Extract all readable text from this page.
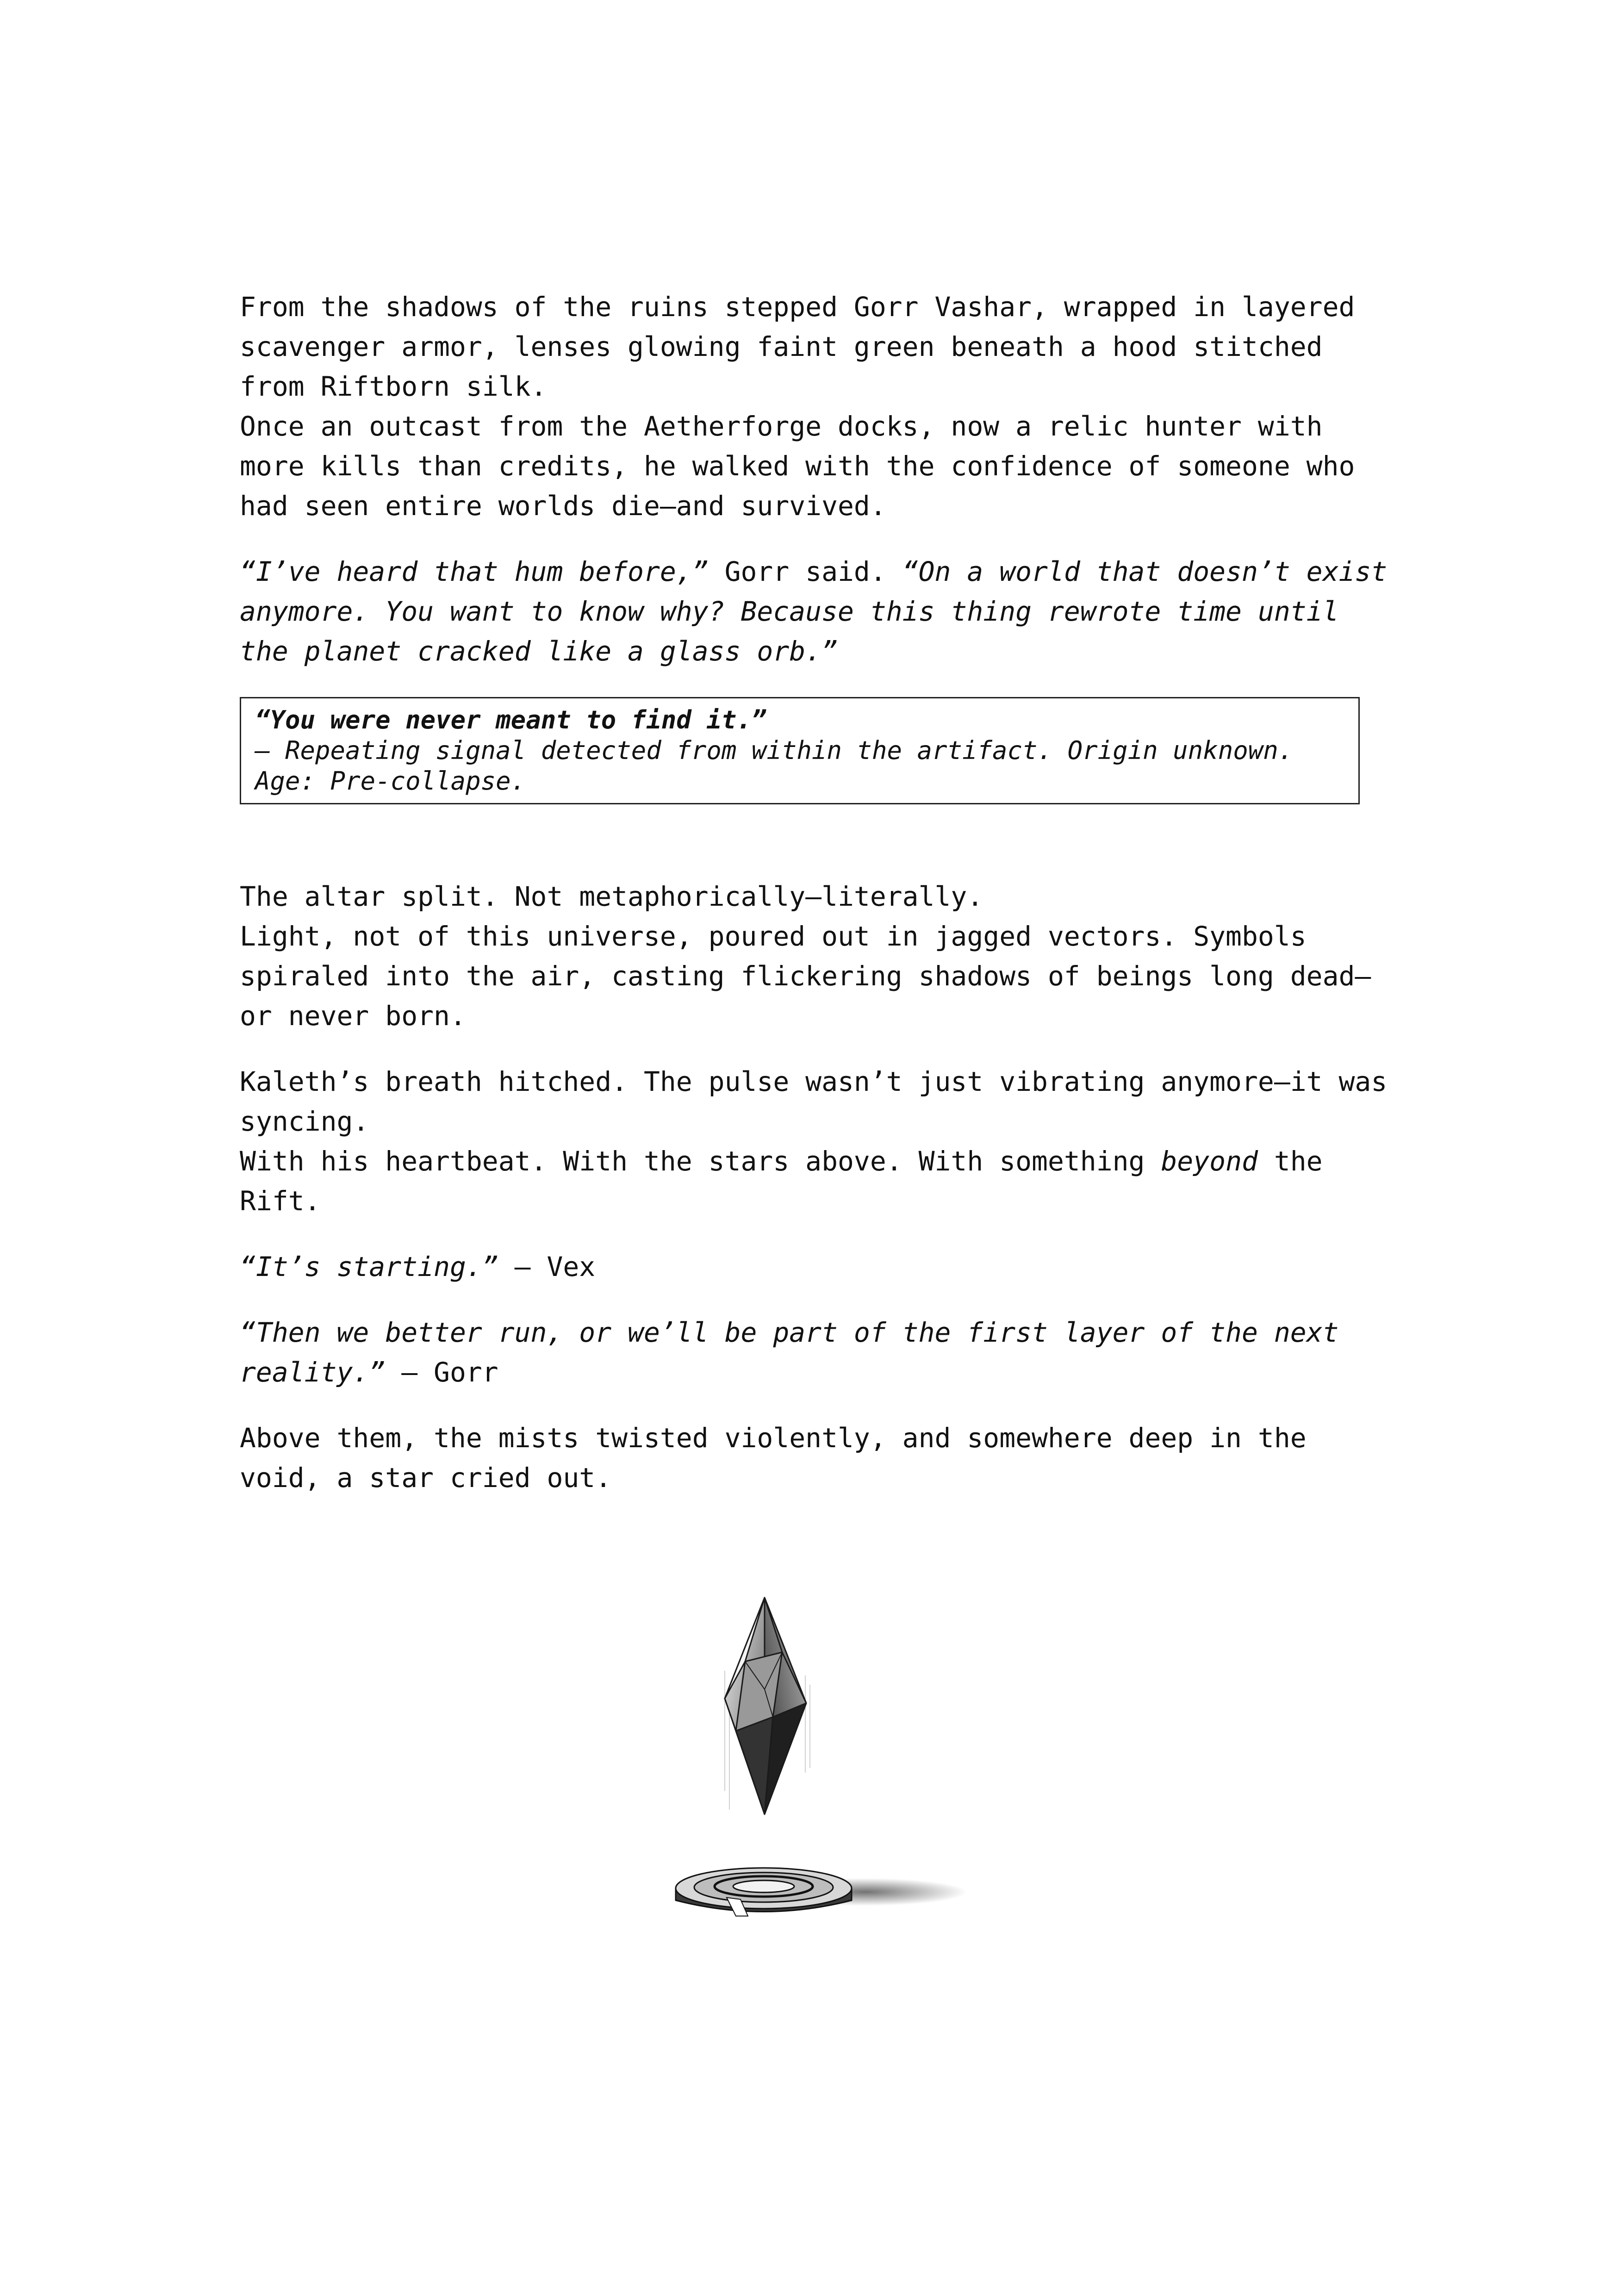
From the shadows of the ruins stepped Gorr Vashar, wrapped in layered scavenger armor, lenses glowing faint green beneath a hood stitched from Riftborn silk.
Once an outcast from the Aetherforge docks, now a relic hunter with more kills than credits, he walked with the confidence of someone who had seen entire worlds die—and survived.

“I’ve heard that hum before,” Gorr said. “On a world that doesn’t exist anymore. You want to know why? Because this thing rewrote time until the planet cracked like a glass orb.”

“You were never meant to find it.”

— Repeating signal detected from within the artifact. Origin unknown. Age: Pre-collapse.

The altar split. Not metaphorically—literally.
Light, not of this universe, poured out in jagged vectors. Symbols spiraled into the air, casting flickering shadows of beings long dead—or never born.

Kaleth’s breath hitched. The pulse wasn’t just vibrating anymore—it was syncing.
With his heartbeat. With the stars above. With something beyond the Rift.

“It’s starting.” — Vex

“Then we better run, or we’ll be part of the first layer of the next reality.” — Gorr

Above them, the mists twisted violently, and somewhere deep in the void, a star cried out.
